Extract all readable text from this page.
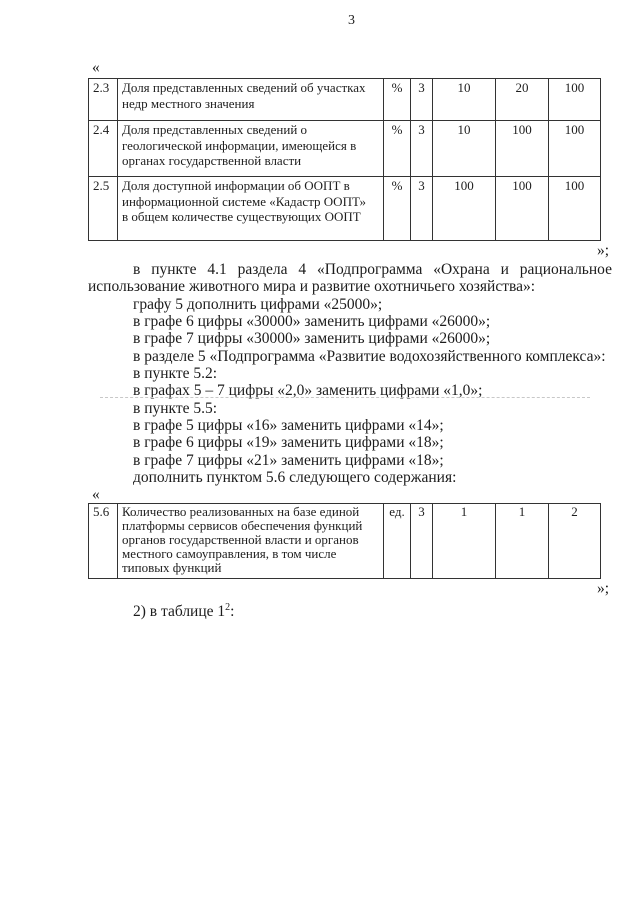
3
«
2.3	Доля представленных сведений об участках
недр местного значения	%	3	10	20	100
2.4	Доля представленных сведений о
геологической информации, имеющейся в
органах государственной власти	%	3	10	100	100
2.5	Доля доступной информации об ООПТ в
информационной системе «Кадастр ООПТ»
в общем количестве существующих ООПТ	%	3	100	100	100
»;
в пункте 4.1 раздела 4 «Подпрограмма «Охрана и рациональное
использование животного мира и развитие охотничьего хозяйства»:
графу 5 дополнить цифрами «25000»;
в графе 6 цифры «30000» заменить цифрами «26000»;
в графе 7 цифры «30000» заменить цифрами «26000»;
в разделе 5 «Подпрограмма «Развитие водохозяйственного комплекса»:
в пункте 5.2:
в графах 5 – 7 цифры «2,0» заменить цифрами «1,0»;
в пункте 5.5:
в графе 5 цифры «16» заменить цифрами «14»;
в графе 6 цифры «19» заменить цифрами «18»;
в графе 7 цифры «21» заменить цифрами «18»;
дополнить пунктом 5.6 следующего содержания:
«
5.6	Количество реализованных на базе единой
платформы сервисов обеспечения функций
органов государственной власти и органов
местного самоуправления, в том числе
типовых функций
	ед.	3	1	1	2
»;
2) в таблице $1^2$:
